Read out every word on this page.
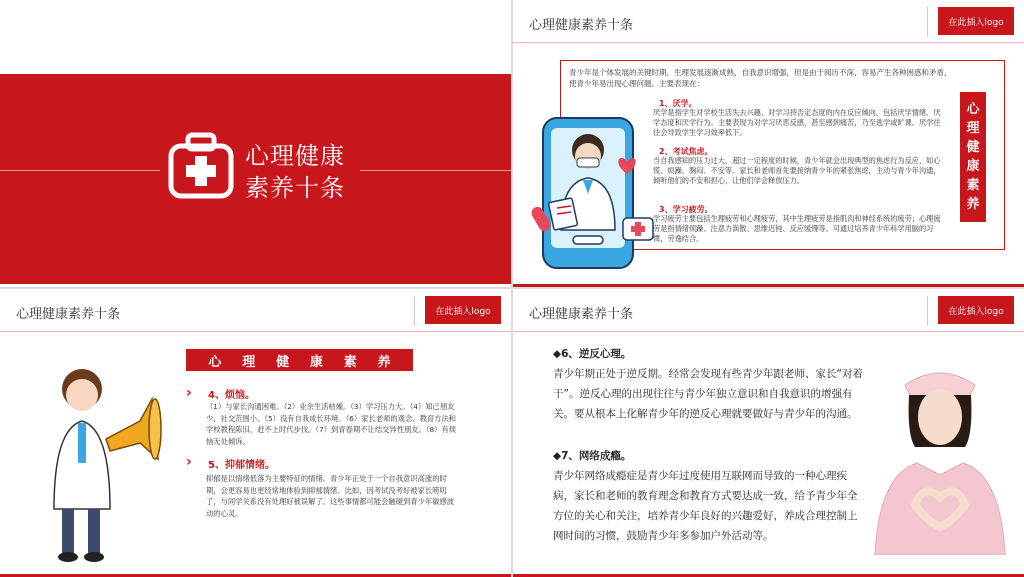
心理健康
素养十条
心理健康素养十条	在此插入logo
青少年是个体发展的关键时期，生理发展逐渐成熟，自我意识增强，但是由于阅历不深，容易产生各种困惑和矛盾，使青少年易出现心理问题。主要表现在：
1、厌学。
厌学是指学生对学校生活失去兴趣、对学习持否定态度的内在反应倾向，包括厌学情绪、厌学态度和厌学行为。主要表现为对学习厌恶反感，甚至感到痛苦，乃至逃学或旷课。厌学往往会导致学生学习效率低下。
2、考试焦虑。
当自我感知的压力过大，超过一定程度的时候，青少年就会出现典型的焦虑行为反应，如心慌、烦躁、胸闷、不安等。家长和老师首先要接纳青少年的紧张焦虑，主动与青少年沟通，倾听他们的不安和担心，让他们学会释放压力。
3、学习疲劳。
学习疲劳主要包括生理疲劳和心理疲劳，其中生理疲劳是指肌肉和神经系统的疲劳；心理疲劳是指情绪烦躁、注意力涣散、思维迟钝、反应缓慢等。可通过培养青少年科学用脑的习惯，劳逸结合。
心
理
健
康
素
养
心理健康素养十条	在此插入logo
心 理 健 康 素 养
› 4、烦恼。
（1）与家长沟通困难。（2）业余生活枯燥。（3）学习压力大。（4）知己朋友少，社交范围小。（5）没有自我成长环境。（6）家长老师的观念、教育方法和学校教程陈旧，赶不上时代步伐。（7）到青春期不让结交异性朋友。（8）有烦恼无处倾诉。
› 5、抑郁情绪。
抑郁是以情绪低落为主要特征的情绪。青少年正处于一个自我意识高涨的时期，会更容易也更经常地体验到抑郁情绪。比如，因考试没考好被家长唠叨了，与同学关系没有处理好被误解了。这些事情都可能会触碰到青少年敏感波动的心灵。
心理健康素养十条	在此插入logo
◆6、逆反心理。
青少年期正处于逆反期。经常会发现有些青少年跟老师、家长“对着干”。逆反心理的出现往往与青少年独立意识和自我意识的增强有关。要从根本上化解青少年的逆反心理就要做好与青少年的沟通。
◆7、网络成瘾。
青少年网络成瘾症是青少年过度使用互联网而导致的一种心理疾病，家长和老师的教育理念和教育方式要达成一致，给予青少年全方位的关心和关注，培养青少年良好的兴趣爱好，养成合理控制上网时间的习惯，鼓励青少年多参加户外活动等。
